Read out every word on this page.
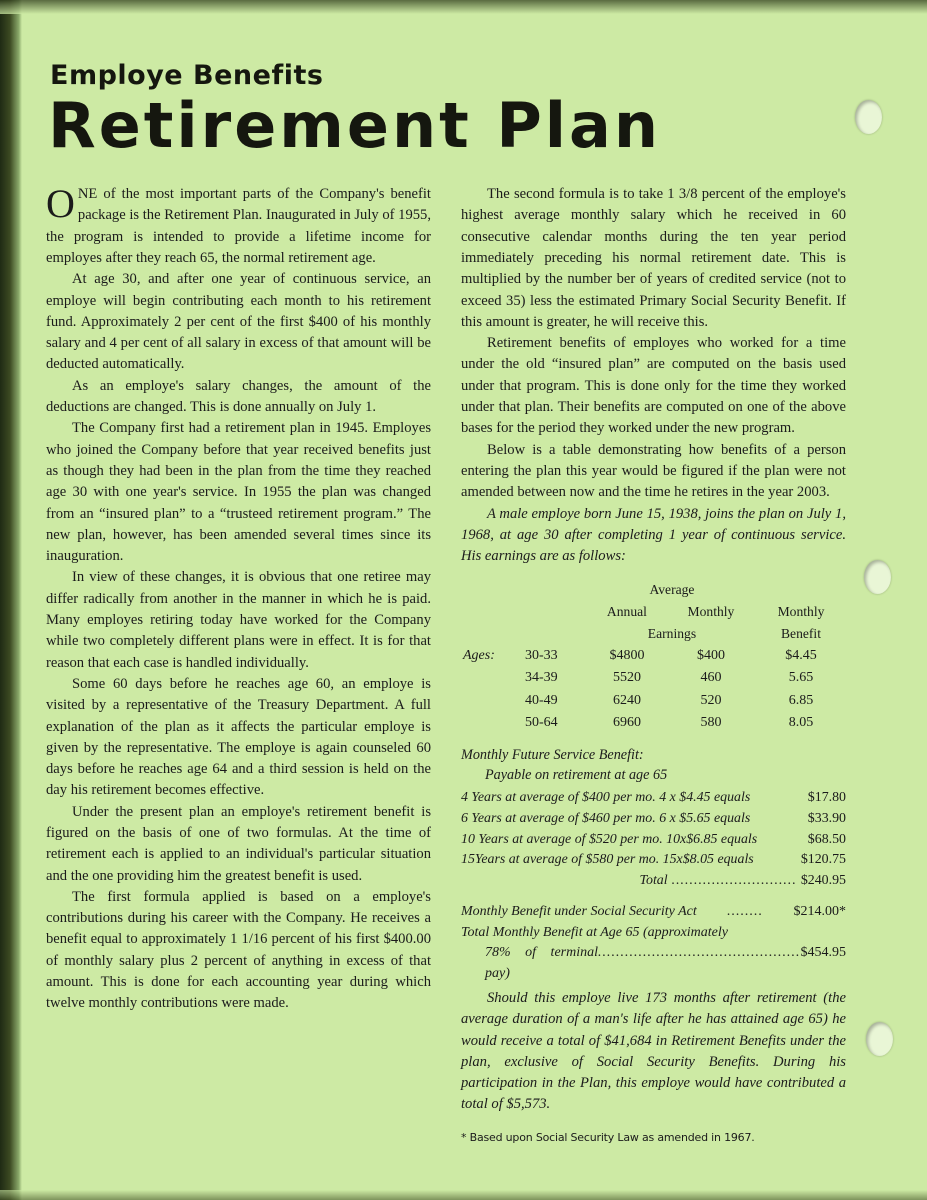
Employe Benefits
Retirement Plan

ONE of the most important parts of the Company's benefit package is the Retirement Plan. Inaugurated in July of 1955, the program is intended to provide a lifetime income for employes after they reach 65, the normal retirement age.

At age 30, and after one year of continuous service, an employe will begin contributing each month to his retirement fund. Approximately 2 per cent of the first $400 of his monthly salary and 4 per cent of all salary in excess of that amount will be deducted automatically.

As an employe's salary changes, the amount of the deductions are changed. This is done annually on July 1.

The Company first had a retirement plan in 1945. Employes who joined the Company before that year received benefits just as though they had been in the plan from the time they reached age 30 with one year's service. In 1955 the plan was changed from an “insured plan” to a “trusteed retirement program.” The new plan, however, has been amended several times since its inauguration.

In view of these changes, it is obvious that one retiree may differ radically from another in the manner in which he is paid. Many employes retiring today have worked for the Company while two completely different plans were in effect. It is for that reason that each case is handled individually.

Some 60 days before he reaches age 60, an employe is visited by a representative of the Treasury Department. A full explanation of the plan as it affects the particular employe is given by the representative. The employe is again counseled 60 days before he reaches age 64 and a third session is held on the day his retirement becomes effective.

Under the present plan an employe's retirement benefit is figured on the basis of one of two formulas. At the time of retirement each is applied to an individual's particular situation and the one providing him the greatest benefit is used.

The first formula applied is based on a employe's contributions during his career with the Company. He receives a benefit equal to approximately 1 1/16 percent of his first $400.00 of monthly salary plus 2 percent of anything in excess of that amount. This is done for each accounting year during which twelve monthly contributions were made.

The second formula is to take 1 3/8 percent of the employe's highest average monthly salary which he received in 60 consecutive calendar months during the ten year period immediately preceding his normal retirement date. This is multiplied by the number ber of years of credited service (not to exceed 35) less the estimated Primary Social Security Benefit. If this amount is greater, he will receive this.

Retirement benefits of employes who worked for a time under the old “insured plan” are computed on the basis used under that program. This is done only for the time they worked under that plan. Their benefits are computed on one of the above bases for the period they worked under the new program.

Below is a table demonstrating how benefits of a person entering the plan this year would be figured if the plan were not amended between now and the time he retires in the year 2003.

A male employe born June 15, 1938, joins the plan on July 1, 1968, at age 30 after completing 1 year of continuous service. His earnings are as follows:

		Average		
		Annual	Monthly	Monthly
		Earnings		Benefit
Ages:	30-33	$4800	$400	$4.45
	34-39	5520	460	5.65
	40-49	6240	520	6.85
	50-64	6960	580	8.05

Monthly Future Service Benefit:

Payable on retirement at age 65

4 Years at average of $400 per mo. 4 x $4.45 equals	$17.80
6 Years at average of $460 per mo. 6 x $5.65 equals	$33.90
10 Years at average of $520 per mo. 10x$6.85 equals	$68.50
15Years at average of $580 per mo. 15x$8.05 equals	$120.75
Total ............................ $240.95
Monthly Benefit under Social Security Act ........ $214.00*
Total Monthly Benefit at Age 65 (approximately
78% of terminal pay)
............................................. $454.95

Should this employe live 173 months after retirement (the average duration of a man's life after he has attained age 65) he would receive a total of $41,684 in Retirement Benefits under the plan, exclusive of Social Security Benefits. During his participation in the Plan, this employe would have contributed a total of $5,573.

* Based upon Social Security Law as amended in 1967.
